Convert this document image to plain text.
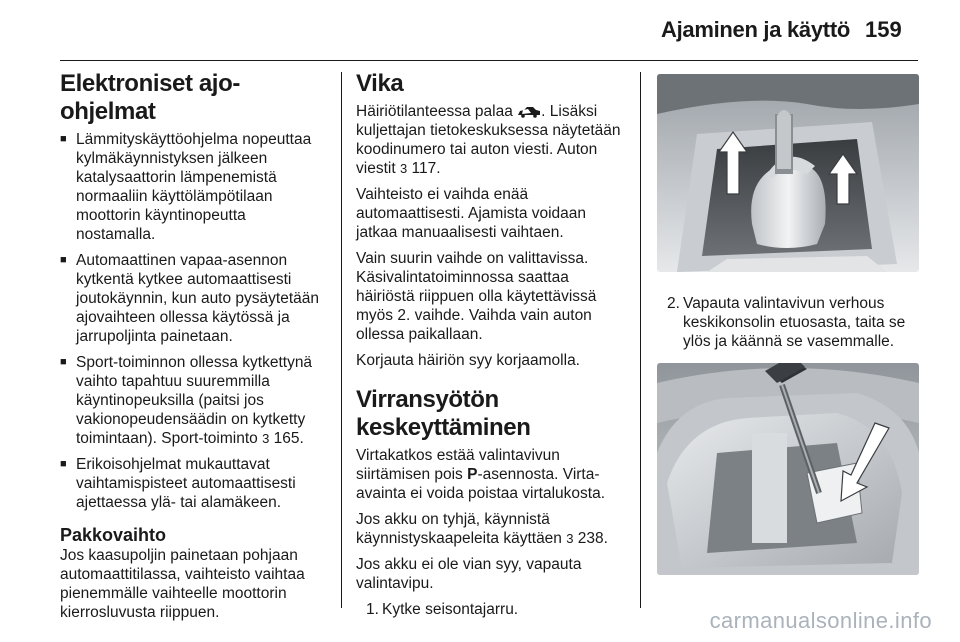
Ajaminen ja käyttö 159
Elektroniset ajo-ohjelmat
■ Lämmityskäyttöohjelma nopeuttaa kylmäkäynnistyksen jälkeen katalysaattorin lämpenemistä normaaliin käyttölämpötilaan moottorin käyntinopeutta nostamalla.
■ Automaattinen vapaa-asennon kytkentä kytkee automaattisesti joutokäynnin, kun auto pysäytetään ajovaihteen ollessa käytössä ja jarrupoljinta painetaan.
■ Sport-toiminnon ollessa kytkettynä vaihto tapahtuu suuremmilla käyntinopeuksilla (paitsi jos vakionopeudensäädin on kytketty toimintaan). Sport-toiminto 3 165.
■ Erikoisohjelmat mukauttavat vaihtamispisteet automaattisesti ajettaessa ylä- tai alamäkeen.
Pakkovaihto

Jos kaasupoljin painetaan pohjaan automaattitilassa, vaihteisto vaihtaa pienemmälle vaihteelle moottorin kierrosluvusta riippuen.

Vika

Häiriötilanteessa palaa . Lisäksi kuljettajan tietokeskuksessa näytetään koodinumero tai auton viesti. Auton viestit 3 117.

Vaihteisto ei vaihda enää automaattisesti. Ajamista voidaan jatkaa manuaalisesti vaihtaen.

Vain suurin vaihde on valittavissa. Käsivalintatoiminnossa saattaa häiriöstä riippuen olla käytettävissä myös 2. vaihde. Vaihda vain auton ollessa paikallaan.

Korjauta häiriön syy korjaamolla.

Virransyötön keskeyttäminen

Virtakatkos estää valintavivun siirtämisen pois P-asennosta. Virta-avainta ei voida poistaa virtalukosta.

Jos akku on tyhjä, käynnistä käynnistyskaapeleita käyttäen 3 238.

Jos akku ei ole vian syy, vapauta valintavipu.

1. Kytke seisontajarru.
2. Vapauta valintavivun verhous keskikonsolin etuosasta, taita se ylös ja käännä se vasemmalle.
carmanualsonline.info
